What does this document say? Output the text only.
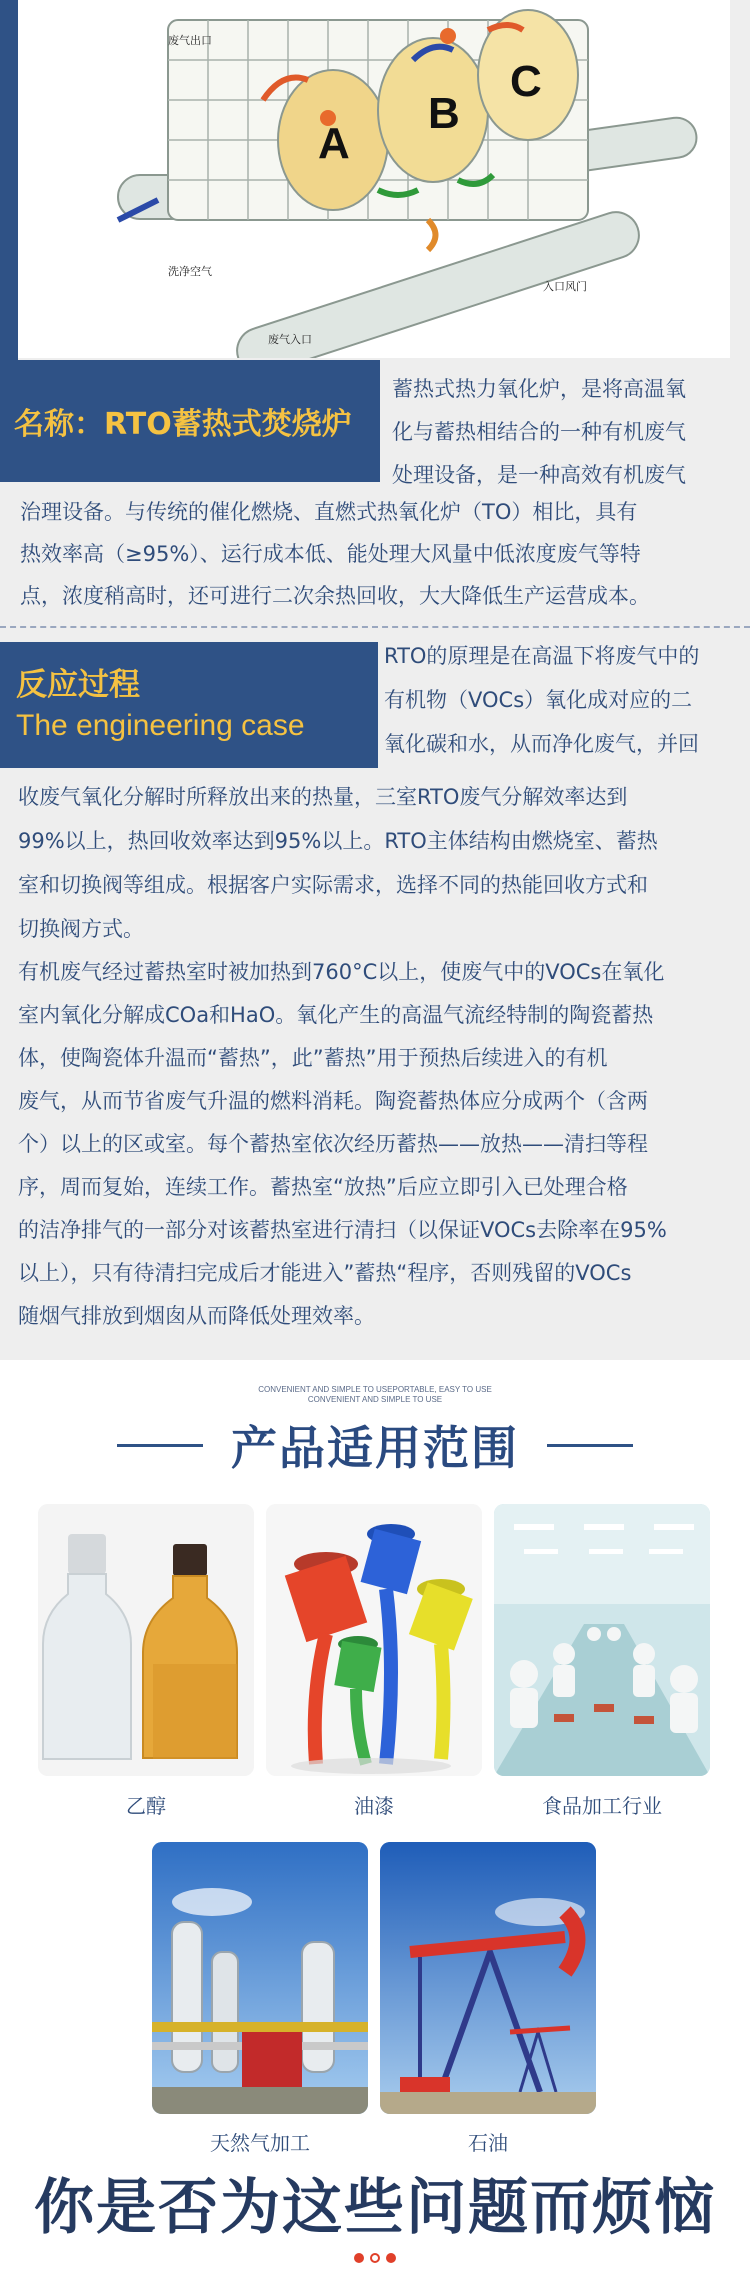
A
B
C
废气出口
洗净空气
入口风门
废气入口
名称：RTO蓄热式焚烧炉
蓄热式热力氧化炉，是将高温氧
化与蓄热相结合的一种有机废气
处理设备，是一种高效有机废气
治理设备。与传统的催化燃烧、直燃式热氧化炉（TO）相比，具有
热效率高（≥95%）、运行成本低、能处理大风量中低浓度废气等特
点，浓度稍高时，还可进行二次余热回收，大大降低生产运营成本。
反应过程
The engineering case
RTO的原理是在高温下将废气中的
有机物（VOCs）氧化成对应的二
氧化碳和水，从而净化废气，并回
收废气氧化分解时所释放出来的热量，三室RTO废气分解效率达到
99%以上，热回收效率达到95%以上。RTO主体结构由燃烧室、蓄热
室和切换阀等组成。根据客户实际需求，选择不同的热能回收方式和
切换阀方式。
有机废气经过蓄热室时被加热到760°C以上，使废气中的VOCs在氧化
室内氧化分解成COa和HaO。氧化产生的高温气流经特制的陶瓷蓄热
体，使陶瓷体升温而“蓄热”，此”蓄热”用于预热后续进入的有机
废气，从而节省废气升温的燃料消耗。陶瓷蓄热体应分成两个（含两
个）以上的区或室。每个蓄热室依次经历蓄热——放热——清扫等程
序，周而复始，连续工作。蓄热室“放热”后应立即引入已处理合格
的洁净排气的一部分对该蓄热室进行清扫（以保证VOCs去除率在95%
以上），只有待清扫完成后才能进入”蓄热“程序，否则残留的VOCs
随烟气排放到烟囱从而降低处理效率。
CONVENIENT AND SIMPLE TO USEPORTABLE, EASY TO USE
CONVENIENT AND SIMPLE TO USE
产品适用范围
乙醇	油漆	食品加工行业
天然气加工	石油
你是否为这些问题而烦恼
